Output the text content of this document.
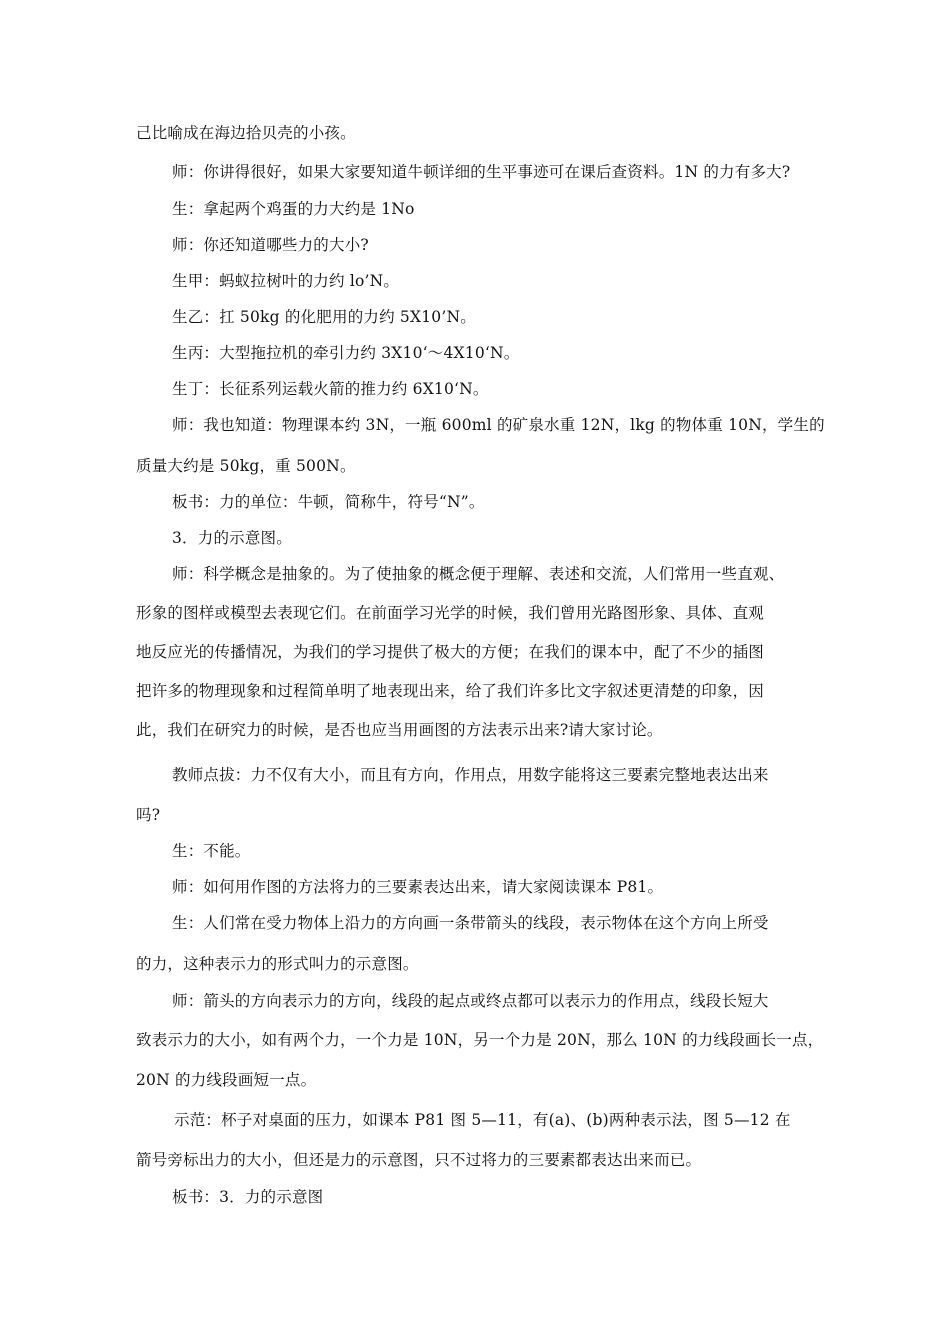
己比喻成在海边拾贝壳的小孩。
师：你讲得很好，如果大家要知道牛顿详细的生平事迹可在课后查资料。1N 的力有多大?
生：拿起两个鸡蛋的力大约是 1No
师：你还知道哪些力的大小?
生甲：蚂蚁拉树叶的力约 lo’N。
生乙：扛 50kg 的化肥用的力约 5X10’N。
生丙：大型拖拉机的牵引力约 3X10‘～4X10‘N。
生丁：长征系列运载火箭的推力约 6X10‘N。
师：我也知道：物理课本约 3N，一瓶 600ml 的矿泉水重 12N，lkg 的物体重 10N，学生的
质量大约是 50kg，重 500N。
板书：力的单位：牛顿，简称牛，符号“N”。
3．力的示意图。
师：科学概念是抽象的。为了使抽象的概念便于理解、表述和交流，人们常用一些直观、
形象的图样或模型去表现它们。在前面学习光学的时候，我们曾用光路图形象、具体、直观
地反应光的传播情况，为我们的学习提供了极大的方便；在我们的课本中，配了不少的插图
把许多的物理现象和过程简单明了地表现出来，给了我们许多比文字叙述更清楚的印象，因
此，我们在研究力的时候，是否也应当用画图的方法表示出来?请大家讨论。
教师点拔：力不仅有大小，而且有方向，作用点，用数字能将这三要素完整地表达出来
吗?
生：不能。
师：如何用作图的方法将力的三要素表达出来，请大家阅读课本 P81。
生：人们常在受力物体上沿力的方向画一条带箭头的线段，表示物体在这个方向上所受
的力，这种表示力的形式叫力的示意图。
师：箭头的方向表示力的方向，线段的起点或终点都可以表示力的作用点，线段长短大
致表示力的大小，如有两个力，一个力是 10N，另一个力是 20N，那么 10N 的力线段画长一点，
20N 的力线段画短一点。
示范：杯子对桌面的压力，如课本 P81 图 5—11，有(a)、(b)两种表示法，图 5—12 在
箭号旁标出力的大小，但还是力的示意图，只不过将力的三要素都表达出来而已。
板书：3．力的示意图
